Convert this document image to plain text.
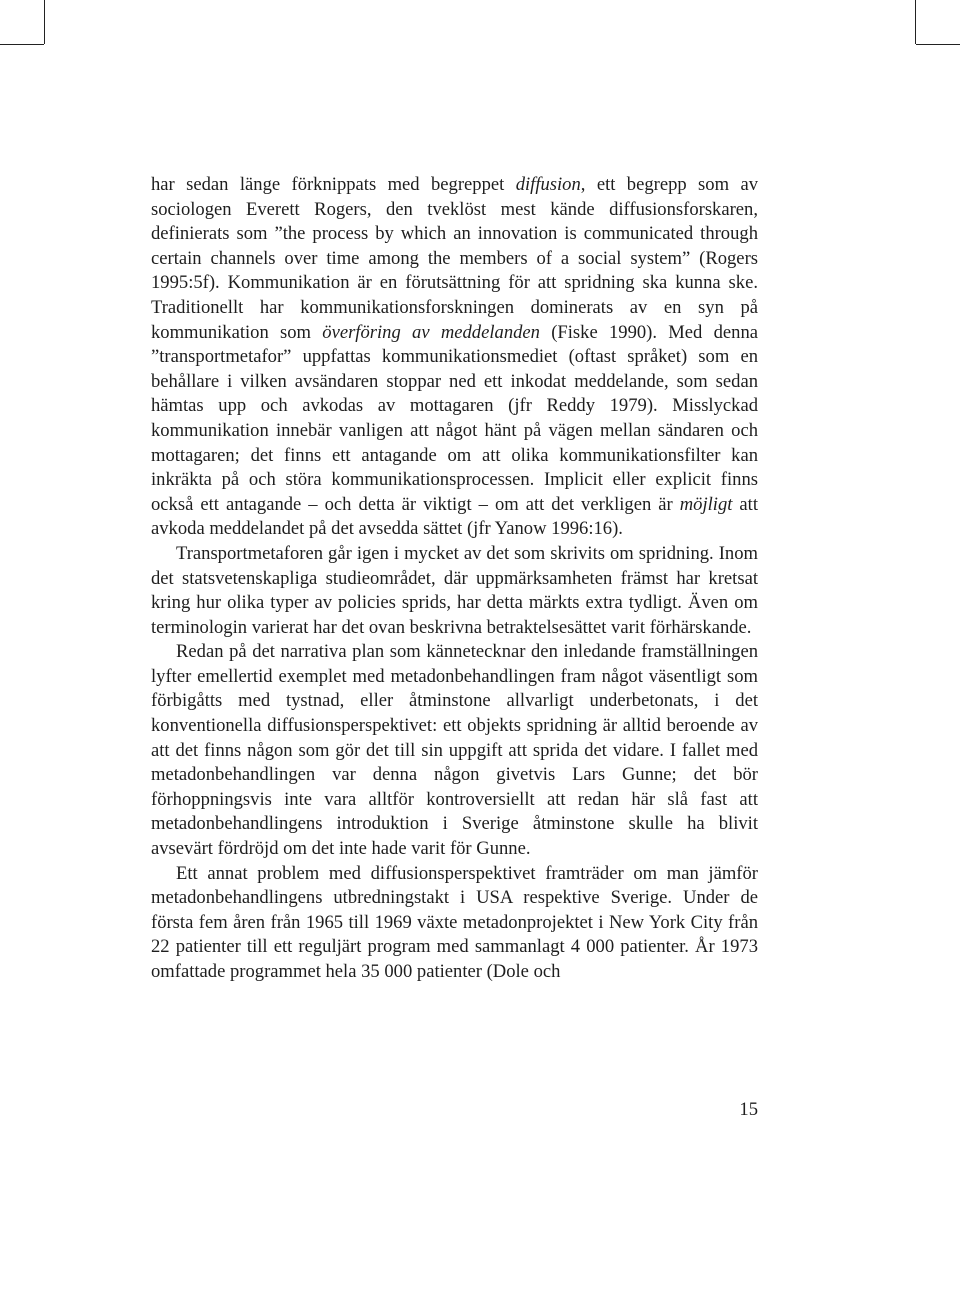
har sedan länge förknippats med begreppet diffusion, ett begrepp som av sociologen Everett Rogers, den tveklöst mest kände diffusionsforskaren, definierats som ”the process by which an innovation is communicated through certain channels over time among the members of a social system” (Rogers 1995:5f). Kommunikation är en förutsättning för att spridning ska kunna ske. Traditionellt har kommunikationsforskningen dominerats av en syn på kommunikation som överföring av meddelanden (Fiske 1990). Med denna ”transportmetafor” uppfattas kommunikationsmediet (oftast språket) som en behållare i vilken avsändaren stoppar ned ett inkodat meddelande, som sedan hämtas upp och avkodas av mottagaren (jfr Reddy 1979). Misslyckad kommunikation innebär vanligen att något hänt på vägen mellan sändaren och mottagaren; det finns ett antagande om att olika kommunikationsfilter kan inkräkta på och störa kommunikationsprocessen. Implicit eller explicit finns också ett antagande – och detta är viktigt – om att det verkligen är möjligt att avkoda meddelandet på det avsedda sättet (jfr Yanow 1996:16).

Transportmetaforen går igen i mycket av det som skrivits om spridning. Inom det statsvetenskapliga studieområdet, där uppmärksamheten främst har kretsat kring hur olika typer av policies sprids, har detta märkts extra tydligt. Även om terminologin varierat har det ovan beskrivna betraktelsesättet varit förhärskande.

Redan på det narrativa plan som kännetecknar den inledande framställningen lyfter emellertid exemplet med metadonbehandlingen fram något väsentligt som förbigåtts med tystnad, eller åtminstone allvarligt underbetonats, i det konventionella diffusionsperspektivet: ett objekts spridning är alltid beroende av att det finns någon som gör det till sin uppgift att sprida det vidare. I fallet med metadonbehandlingen var denna någon givetvis Lars Gunne; det bör förhoppningsvis inte vara alltför kontroversiellt att redan här slå fast att metadonbehandlingens introduktion i Sverige åtminstone skulle ha blivit avsevärt fördröjd om det inte hade varit för Gunne.

Ett annat problem med diffusionsperspektivet framträder om man jämför metadonbehandlingens utbredningstakt i USA respektive Sverige. Under de första fem åren från 1965 till 1969 växte metadonprojektet i New York City från 22 patienter till ett reguljärt program med sammanlagt 4 000 patienter. År 1973 omfattade programmet hela 35 000 patienter (Dole och

15
